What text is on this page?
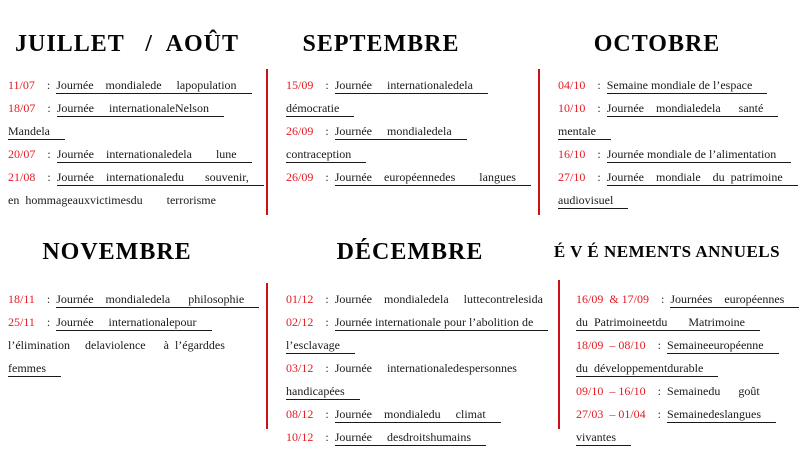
JUILLET   /  AOÛT
11/07 : Journée    mondialede     lapopulation
18/07 : Journée     internationaleNelson
Mandela
20/07 : Journée    internationaledela        lune
21/08 : Journée    internationaledu       souvenir,
en  hommageauxvictimesdu        terrorisme
SEPTEMBRE
15/09 : Journée     internationaledela
démocratie
26/09 : Journée     mondialedela
contraception
26/09 : Journée    européennedes        langues
OCTOBRE
04/10 : Semaine mondiale de l’espace
10/10 : Journée    mondialedela      santé
mentale
16/10 : Journée mondiale de l’alimentation
27/10 : Journée    mondiale    du  patrimoine
audiovisuel
NOVEMBRE
18/11 : Journée    mondialedela      philosophie
25/11 : Journée     internationalepour
l’élimination     delaviolence      à  l’égarddes
femmes
DÉCEMBRE
01/12 : Journée    mondialedela     luttecontrelesida
02/12 : Journée internationale pour l’abolition de
l’esclavage
03/12 : Journée     internationaledespersonnes
handicapées
08/12 : Journée    mondialedu     climat
10/12 : Journée     desdroitshumains
É V É NEMENTS ANNUELS
16/09  & 17/09 : Journées    européennes
du  Patrimoineetdu       Matrimoine
18/09  – 08/10 : Semaineeuropéenne
du  développementdurable
09/10  – 16/10 : Semainedu      goût
27/03  – 01/04 : Semainedeslangues
vivantes
